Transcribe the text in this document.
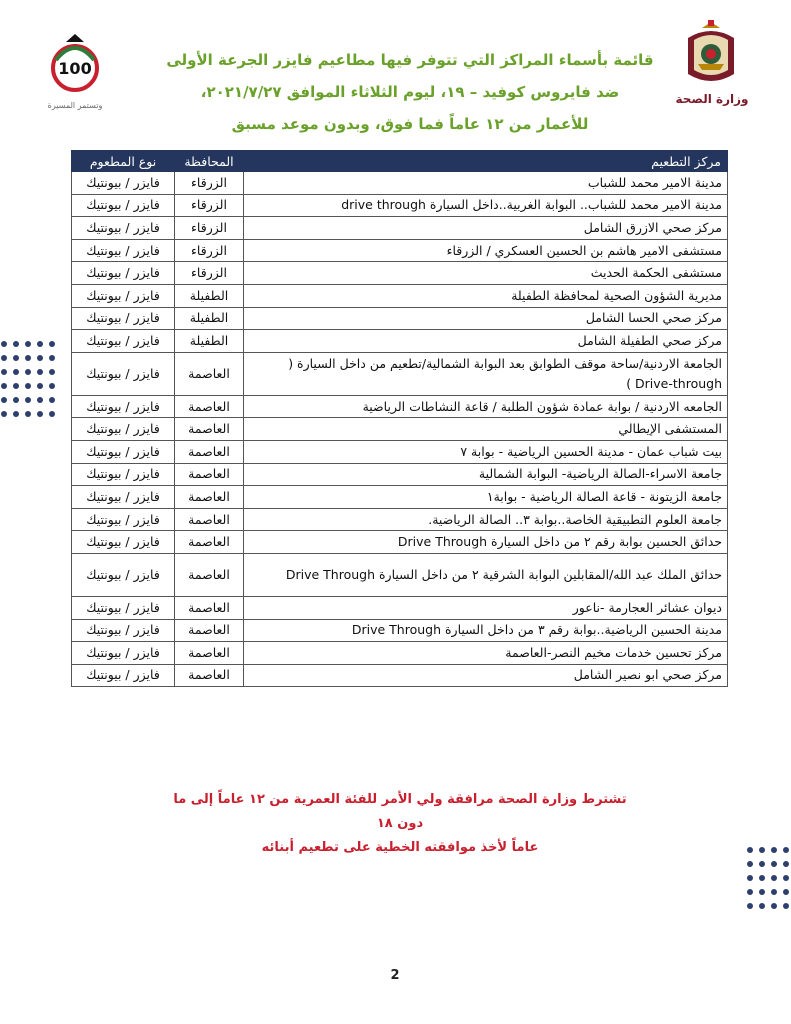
وزارة الصحة
100
وتستمر المسيرة
قائمة بأسماء المراكز التي تتوفر فيها مطاعيم فايزر الجرعة الأولى
ضد فايروس كوفيد – ١٩، ليوم الثلاثاء الموافق ٢٠٢١/٧/٢٧،
للأعمار من ١٢ عاماً فما فوق، وبدون موعد مسبق
مركز التطعيم	المحافظة	نوع المطعوم
مدينة الامير محمد للشباب	الزرقاء	فايزر / بيونتيك
مدينة الامير محمد للشباب.. البوابة الغربية..داخل السيارة drive through	الزرقاء	فايزر / بيونتيك
مركز صحي الازرق الشامل	الزرقاء	فايزر / بيونتيك
مستشفى الامير هاشم بن الحسين العسكري / الزرقاء	الزرقاء	فايزر / بيونتيك
مستشفى الحكمة الحديث	الزرقاء	فايزر / بيونتيك
مديرية الشؤون الصحية لمحافظة الطفيلة	الطفيلة	فايزر / بيونتيك
مركز صحي الحسا الشامل	الطفيلة	فايزر / بيونتيك
مركز صحي الطفيلة الشامل	الطفيلة	فايزر / بيونتيك
الجامعة الاردنية/ساحة موقف الطوابق بعد البوابة الشمالية/تطعيم من داخل السيارة ( Drive-through )	العاصمة	فايزر / بيونتيك
الجامعه الاردنية / بوابة عمادة شؤون الطلبة / قاعة النشاطات الرياضية	العاصمة	فايزر / بيونتيك
المستشفى الإيطالي	العاصمة	فايزر / بيونتيك
بيت شباب عمان - مدينة الحسين الرياضية - بوابة ٧	العاصمة	فايزر / بيونتيك
جامعة الاسراء-الصالة الرياضية- البوابة الشمالية	العاصمة	فايزر / بيونتيك
جامعة الزيتونة - قاعة الصالة الرياضية - بوابة١	العاصمة	فايزر / بيونتيك
جامعة العلوم التطبيقية الخاصة..بوابة ٣.. الصالة الرياضية.	العاصمة	فايزر / بيونتيك
حدائق الحسين بوابة رقم ٢ من داخل السيارة Drive Through	العاصمة	فايزر / بيونتيك
حدائق الملك عبد الله/المقابلين البوابة الشرقية ٢ من داخل السيارة Drive Through	العاصمة	فايزر / بيونتيك
ديوان عشائر العجارمة -ناعور	العاصمة	فايزر / بيونتيك
مدينة الحسين الرياضية..بوابة رقم ٣ من داخل السيارة Drive Through	العاصمة	فايزر / بيونتيك
مركز تحسين خدمات مخيم النصر-العاصمة	العاصمة	فايزر / بيونتيك
مركز صحي ابو نصير الشامل	العاصمة	فايزر / بيونتيك
تشترط وزارة الصحة مرافقة ولي الأمر للفئة العمرية من ١٢ عاماً إلى ما دون ١٨
عاماً لأخذ موافقته الخطية على تطعيم أبنائه
2
